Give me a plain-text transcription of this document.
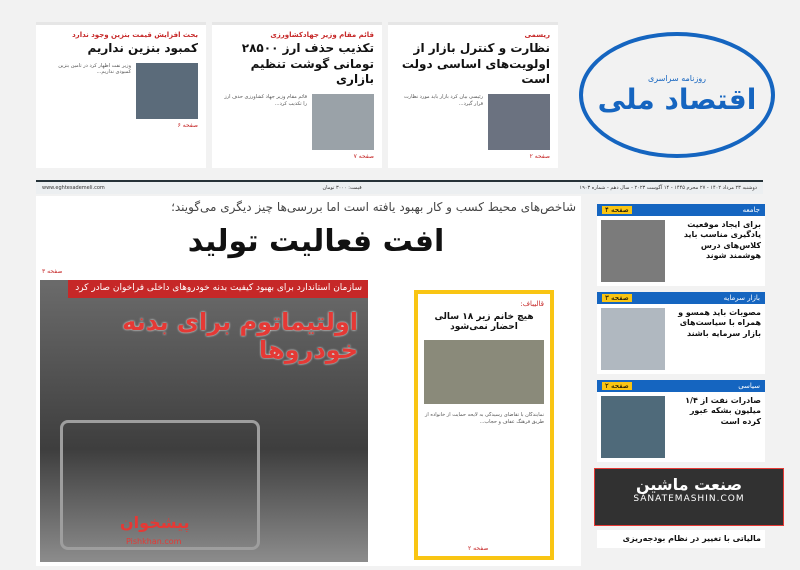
ریسمی
نظارت و کنترل بازار از اولویت‌های اساسی دولت است
رئیسی بیان کرد بازار باید مورد نظارت قرار گیرد...
صفحه ۲
قائم مقام وزیر جهادکشاورزی
تکذیب حذف ارز ۲۸۵۰۰ تومانی گوشت تنظیم بازاری
قائم مقام وزیر جهاد کشاورزی حذف ارز را تکذیب کرد...
صفحه ۷
بحث افزایش قیمت بنزین وجود ندارد
کمبود بنزین نداریم
وزیر نفت اظهار کرد در تامین بنزین کمبودی نداریم...
صفحه ۶
روزنامه سراسری
اقتصاد ملی
www.eghtesademeli.com	قیمت: ۳۰۰۰ تومان	دوشنبه ۲۳ مرداد ۱۴۰۲ - ۲۷ محرم ۱۴۴۵ - ۱۴ آگوست ۲۰۲۳ - سال دهم - شماره ۱۹۰۳
شاخص‌های محیط کسب و کار بهبود یافته است اما بررسی‌ها چیز دیگری می‌گویند؛
افت فعالیت تولید
صفحه ۳
سازمان استاندارد برای بهبود کیفیت بدنه خودروهای داخلی فراخوان صادر کرد
اولتیماتوم برای بدنه خودروها
پیشخوان
Pishkhan.com
قالیباف:
هیچ خانم زیر ۱۸ سالی احضار نمی‌شود
نمایندگان با تقاضای رسیدگی به لایحه حمایت از خانواده از طریق فرهنگ عفاف و حجاب...
صفحه ۲
جامعه
صفحه ۴
برای ایجاد موقعیت یادگیری مناسب باید کلاس‌های درس هوشمند شوند
بازار سرمایه
صفحه ۳
مصوبات باید همسو و همراه با سیاست‌های بازار سرمایه باشند
سیاسی
صفحه ۲
صادرات نفت از ۱/۴ میلیون بشکه عبور کرده است
صنعت ماشین
SANATEMASHIN.COM
مالیاتی با تغییر در نظام بودجه‌ریزی
